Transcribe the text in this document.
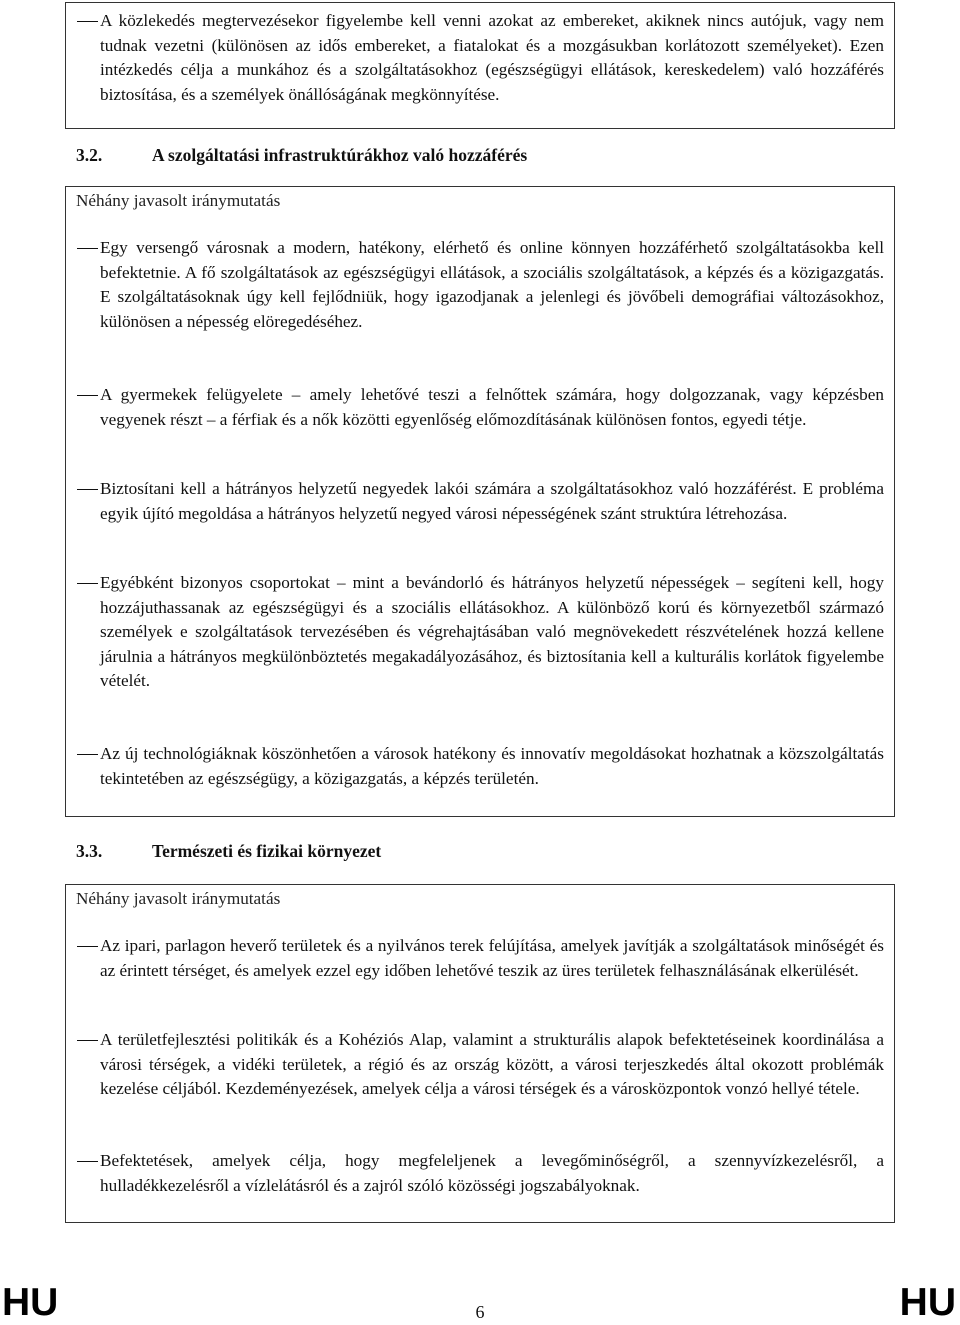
A közlekedés megtervezésekor figyelembe kell venni azokat az embereket, akiknek nincs autójuk, vagy nem tudnak vezetni (különösen az idős embereket, a fiatalokat és a mozgásukban korlátozott személyeket). Ezen intézkedés célja a munkához és a szolgáltatásokhoz (egészségügyi ellátások, kereskedelem) való hozzáférés biztosítása, és a személyek önállóságának megkönnyítése.
3.2.	A szolgáltatási infrastruktúrákhoz való hozzáférés
Néhány javasolt iránymutatás
Egy versengő városnak a modern, hatékony, elérhető és online könnyen hozzáférhető szolgáltatásokba kell befektetnie. A fő szolgáltatások az egészségügyi ellátások, a szociális szolgáltatások, a képzés és a közigazgatás. E szolgáltatásoknak úgy kell fejlődniük, hogy igazodjanak a jelenlegi és jövőbeli demográfiai változásokhoz, különösen a népesség elöregedéséhez.
A gyermekek felügyelete ‒ amely lehetővé teszi a felnőttek számára, hogy dolgozzanak, vagy képzésben vegyenek részt ‒ a férfiak és a nők közötti egyenlőség előmozdításának különösen fontos, egyedi tétje.
Biztosítani kell a hátrányos helyzetű negyedek lakói számára a szolgáltatásokhoz való hozzáférést. E probléma egyik újító megoldása a hátrányos helyzetű negyed városi népességének szánt struktúra létrehozása.
Egyébként bizonyos csoportokat ‒ mint a bevándorló és hátrányos helyzetű népességek ‒ segíteni kell, hogy hozzájuthassanak az egészségügyi és a szociális ellátásokhoz. A különböző korú és környezetből származó személyek e szolgáltatások tervezésében és végrehajtásában való megnövekedett részvételének hozzá kellene járulnia a hátrányos megkülönböztetés megakadályozásához, és biztosítania kell a kulturális korlátok figyelembe vételét.
Az új technológiáknak köszönhetően a városok hatékony és innovatív megoldásokat hozhatnak a közszolgáltatás tekintetében az egészségügy, a közigazgatás, a képzés területén.
3.3.	Természeti és fizikai környezet
Néhány javasolt iránymutatás
Az ipari, parlagon heverő területek és a nyilvános terek felújítása, amelyek javítják a szolgáltatások minőségét és az érintett térséget, és amelyek ezzel egy időben lehetővé teszik az üres területek felhasználásának elkerülését.
A területfejlesztési politikák és a Kohéziós Alap, valamint a strukturális alapok befektetéseinek koordinálása a városi térségek, a vidéki területek, a régió és az ország között, a városi terjeszkedés által okozott problémák kezelése céljából. Kezdeményezések, amelyek célja a városi térségek és a városközpontok vonzó hellyé tétele.
Befektetések, amelyek célja, hogy megfeleljenek a levegőminőségről, a szennyvízkezelésről, a hulladékkezelésről a vízlelátásról és a zajról szóló közösségi jogszabályoknak.
HU	6	HU
